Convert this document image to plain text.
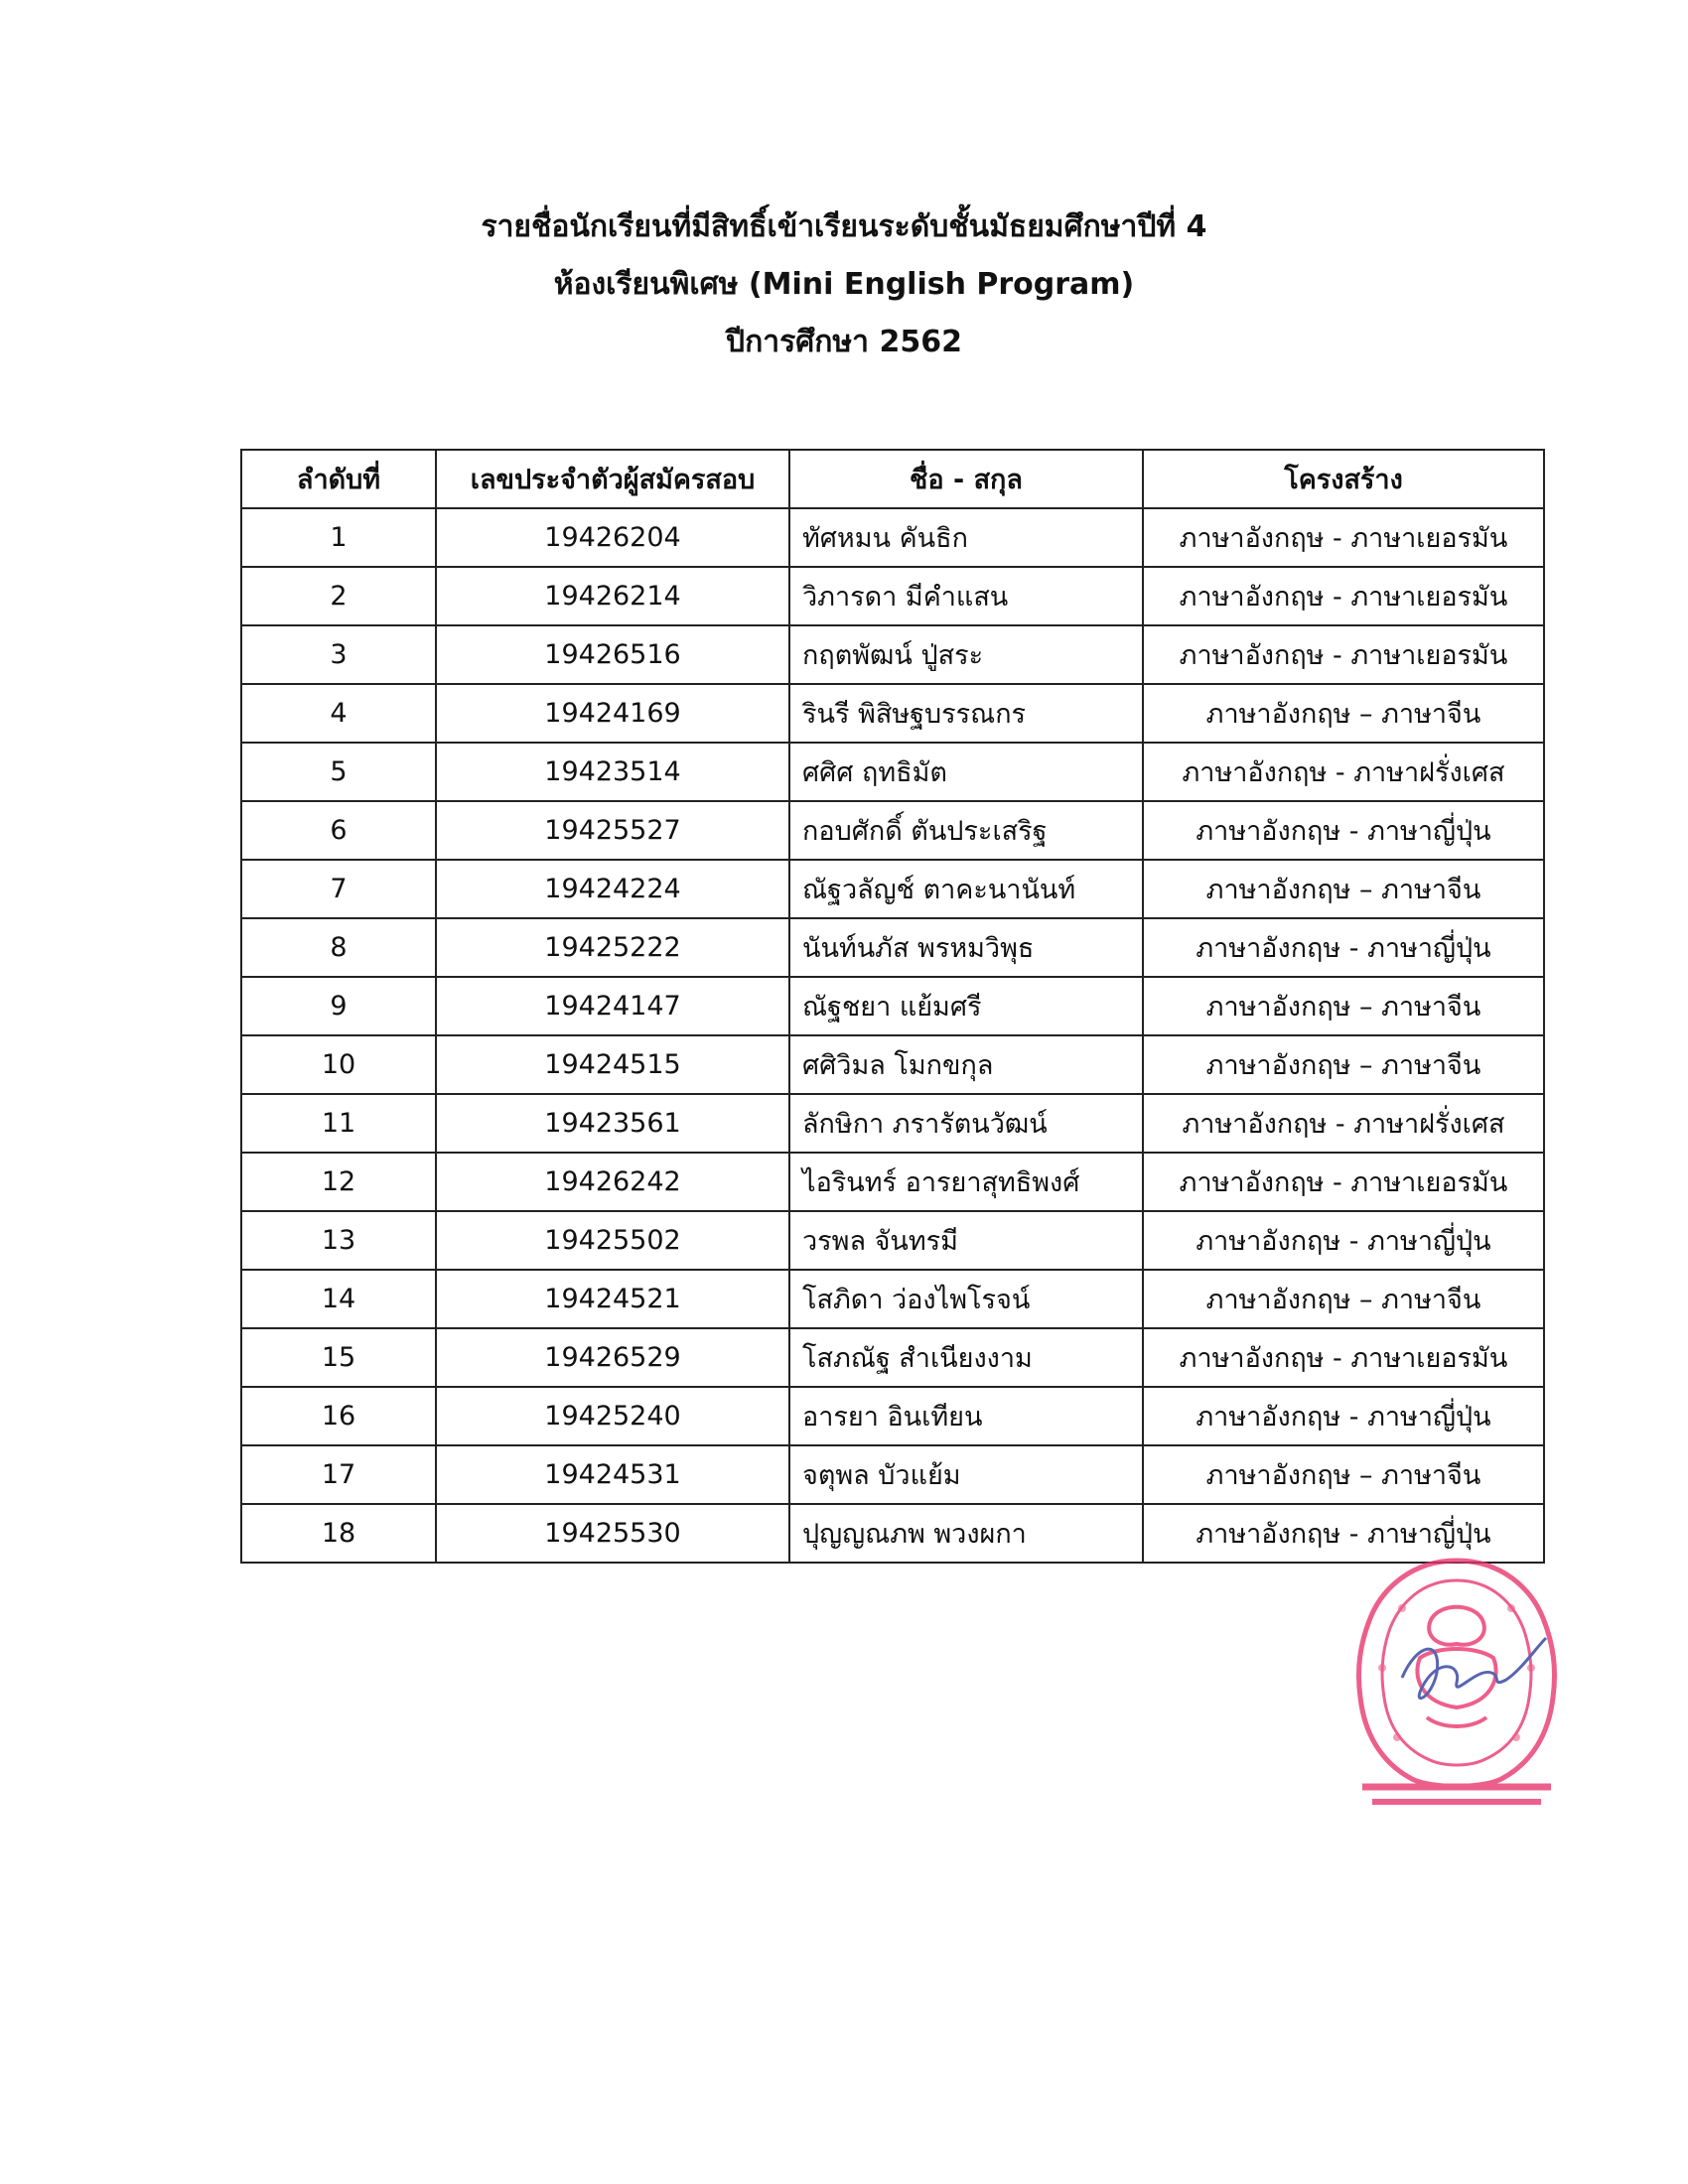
รายชื่อนักเรียนที่มีสิทธิ์เข้าเรียนระดับชั้นมัธยมศึกษาปีที่ 4
ห้องเรียนพิเศษ (Mini English Program)
ปีการศึกษา 2562
ลำดับที่	เลขประจำตัวผู้สมัครสอบ	ชื่อ - สกุล	โครงสร้าง
1	19426204	ทัศหมน คันธิก	ภาษาอังกฤษ - ภาษาเยอรมัน
2	19426214	วิภารดา มีคำแสน	ภาษาอังกฤษ - ภาษาเยอรมัน
3	19426516	กฤตพัฒน์ ปู่สระ	ภาษาอังกฤษ - ภาษาเยอรมัน
4	19424169	รินรี พิสิษฐบรรณกร	ภาษาอังกฤษ – ภาษาจีน
5	19423514	ศศิศ ฤทธิมัต	ภาษาอังกฤษ - ภาษาฝรั่งเศส
6	19425527	กอบศักดิ์ ตันประเสริฐ	ภาษาอังกฤษ - ภาษาญี่ปุ่น
7	19424224	ณัฐวลัญช์ ตาคะนานันท์	ภาษาอังกฤษ – ภาษาจีน
8	19425222	นันท์นภัส พรหมวิพุธ	ภาษาอังกฤษ - ภาษาญี่ปุ่น
9	19424147	ณัฐชยา แย้มศรี	ภาษาอังกฤษ – ภาษาจีน
10	19424515	ศศิวิมล โมกขกุล	ภาษาอังกฤษ – ภาษาจีน
11	19423561	ลักษิกา ภรารัตนวัฒน์	ภาษาอังกฤษ - ภาษาฝรั่งเศส
12	19426242	ไอรินทร์ อารยาสุทธิพงศ์	ภาษาอังกฤษ - ภาษาเยอรมัน
13	19425502	วรพล จันทรมี	ภาษาอังกฤษ - ภาษาญี่ปุ่น
14	19424521	โสภิดา ว่องไพโรจน์	ภาษาอังกฤษ – ภาษาจีน
15	19426529	โสภณัฐ สำเนียงงาม	ภาษาอังกฤษ - ภาษาเยอรมัน
16	19425240	อารยา อินเทียน	ภาษาอังกฤษ - ภาษาญี่ปุ่น
17	19424531	จตุพล บัวแย้ม	ภาษาอังกฤษ – ภาษาจีน
18	19425530	ปุญญณภพ พวงผกา	ภาษาอังกฤษ - ภาษาญี่ปุ่น
